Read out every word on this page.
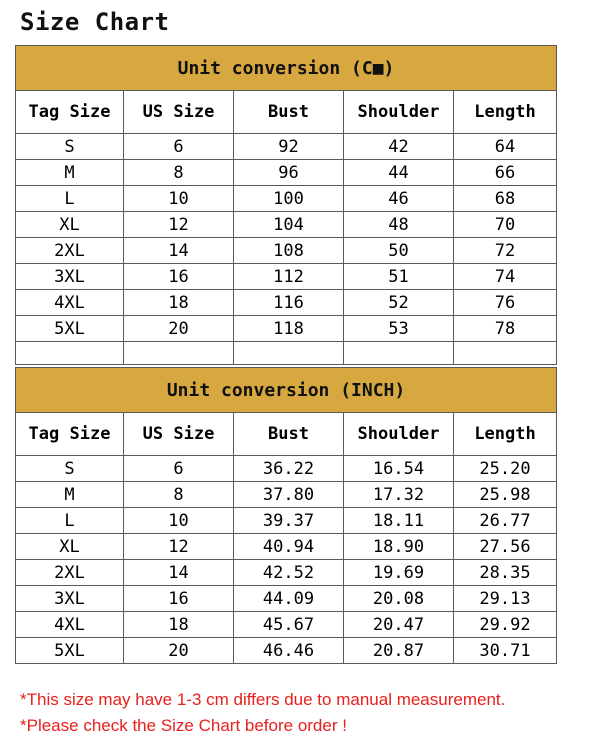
Size Chart
Unit conversion (C■)				
Tag Size	US Size	Bust	Shoulder	Length
S	6	92	42	64
M	8	96	44	66
L	10	100	46	68
XL	12	104	48	70
2XL	14	108	50	72
3XL	16	112	51	74
4XL	18	116	52	76
5XL	20	118	53	78

Unit conversion (INCH)				
Tag Size	US Size	Bust	Shoulder	Length
S	6	36.22	16.54	25.20
M	8	37.80	17.32	25.98
L	10	39.37	18.11	26.77
XL	12	40.94	18.90	27.56
2XL	14	42.52	19.69	28.35
3XL	16	44.09	20.08	29.13
4XL	18	45.67	20.47	29.92
5XL	20	46.46	20.87	30.71
*This size may have 1-3 cm differs due to manual measurement.
*Please check the Size Chart before order !
